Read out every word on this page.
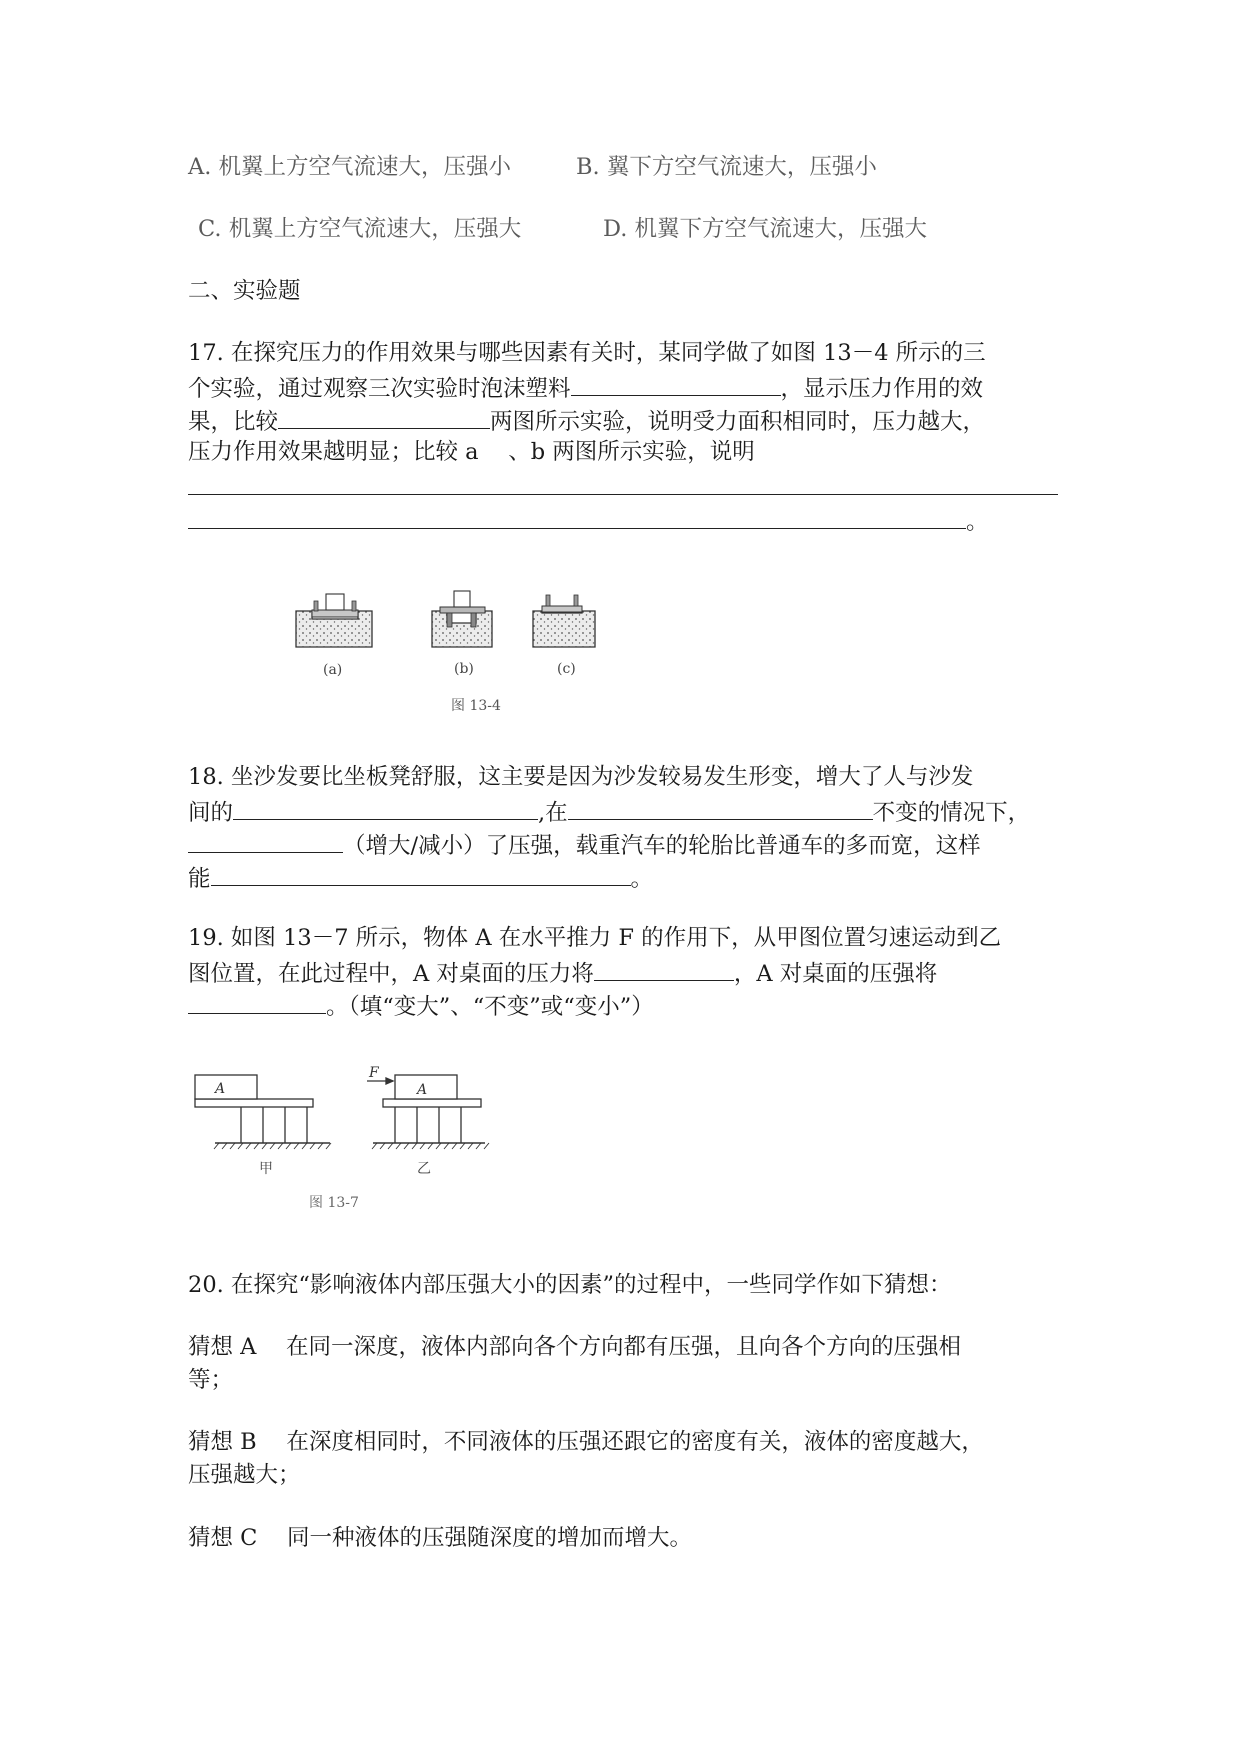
A. 机翼上方空气流速大，压强小	B. 翼下方空气流速大，压强小
C. 机翼上方空气流速大，压强大	D. 机翼下方空气流速大，压强大
二、实验题
17. 在探究压力的作用效果与哪些因素有关时，某同学做了如图 13－4 所示的三
个实验，通过观察三次实验时泡沫塑料	，显示压力作用的效
果，比较	两图所示实验，说明受力面积相同时，压力越大，
压力作用效果越明显；比较 a　 、b 两图所示实验，说明
。
(a)	(b)	(c)
图 13-4
18. 坐沙发要比坐板凳舒服，这主要是因为沙发较易发生形变，增大了人与沙发
间的	,在	不变的情况下，
（增大/减小）了压强，载重汽车的轮胎比普通车的多而宽，这样
能	。
19. 如图 13－7 所示，物体 A 在水平推力 F 的作用下，从甲图位置匀速运动到乙
图位置，在此过程中，A 对桌面的压力将	，A 对桌面的压强将
。（填“变大”、“不变”或“变小”）
A
甲
F
A
乙
图 13-7
20. 在探究“影响液体内部压强大小的因素”的过程中，一些同学作如下猜想：
猜想 A　 在同一深度，液体内部向各个方向都有压强，且向各个方向的压强相
等；
猜想 B　 在深度相同时，不同液体的压强还跟它的密度有关，液体的密度越大，
压强越大；
猜想 C　 同一种液体的压强随深度的增加而增大。
